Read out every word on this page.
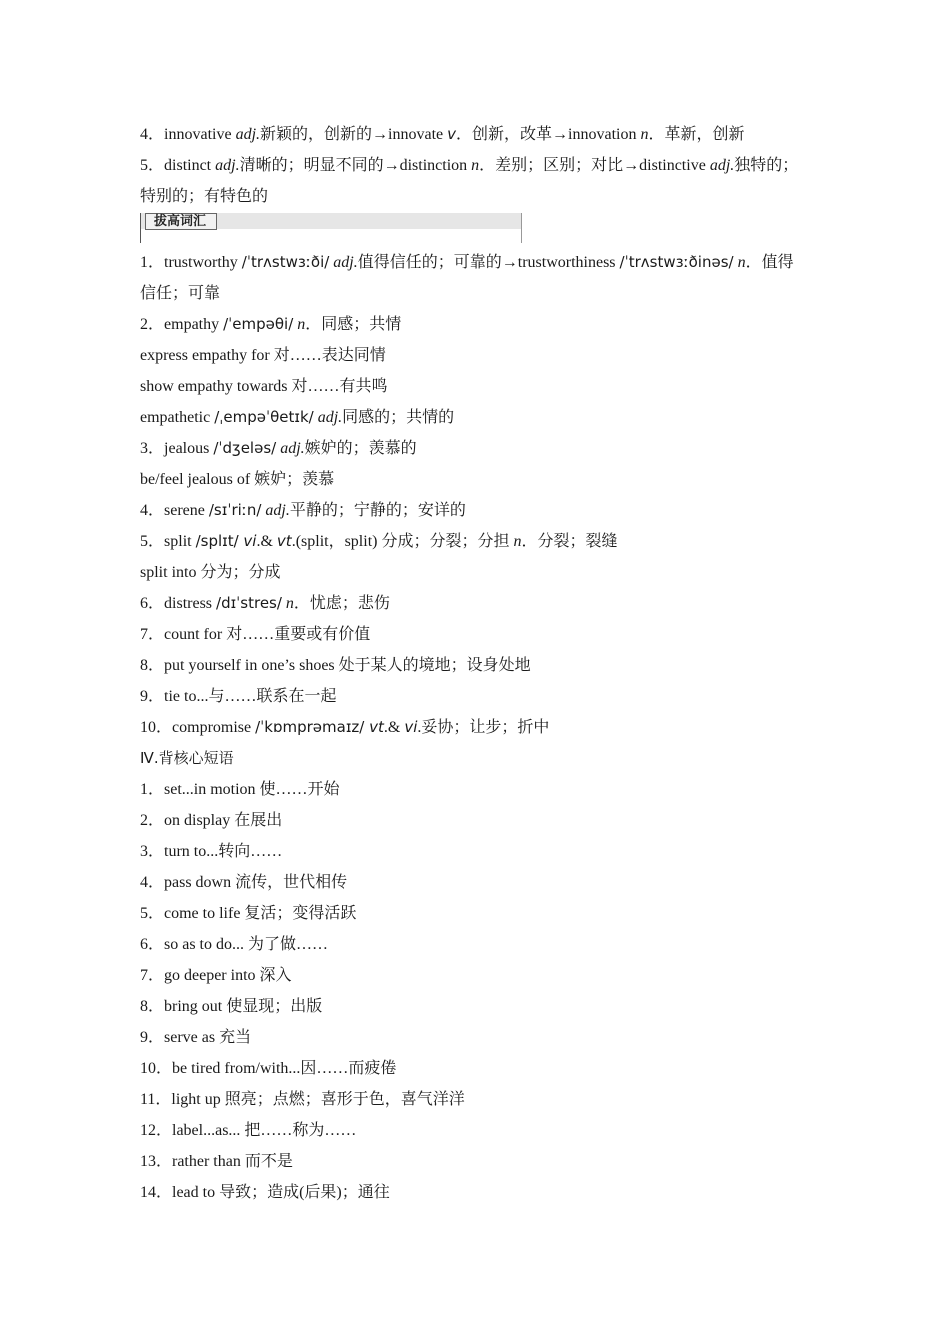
4．innovative adj.新颖的，创新的→innovate v．创新，改革→innovation n．革新，创新
5．distinct adj.清晰的；明显不同的→distinction n．差别；区别；对比→distinctive adj.独特的；特别的；有特色的
拔高词汇
1．trustworthy /ˈtrʌstwɜːði/ adj.值得信任的；可靠的→trustworthiness /ˈtrʌstwɜːðinəs/ n．值得信任；可靠
2．empathy /ˈempəθi/ n．同感；共情
express empathy for 对……表达同情
show empathy towards 对……有共鸣
empathetic /ˌempəˈθetɪk/ adj.同感的；共情的
3．jealous /ˈdʒeləs/ adj.嫉妒的；羡慕的
be/feel jealous of 嫉妒；羡慕
4．serene /sɪˈriːn/ adj.平静的；宁静的；安详的
5．split /splɪt/ vi.& vt.(split，split) 分成；分裂；分担 n．分裂；裂缝
split into 分为；分成
6．distress /dɪˈstres/ n．忧虑；悲伤
7．count for 对……重要或有价值
8．put yourself in one’s shoes 处于某人的境地；设身处地
9．tie to...与……联系在一起
10．compromise /ˈkɒmprəmaɪz/ vt.& vi.妥协；让步；折中
Ⅳ.背核心短语
1．set...in motion 使……开始
2．on display 在展出
3．turn to...转向……
4．pass down 流传，世代相传
5．come to life 复活；变得活跃
6．so as to do... 为了做……
7．go deeper into 深入
8．bring out 使显现；出版
9．serve as 充当
10．be tired from/with...因……而疲倦
11．light up 照亮；点燃；喜形于色，喜气洋洋
12．label...as... 把……称为……
13．rather than 而不是
14．lead to 导致；造成(后果)；通往
